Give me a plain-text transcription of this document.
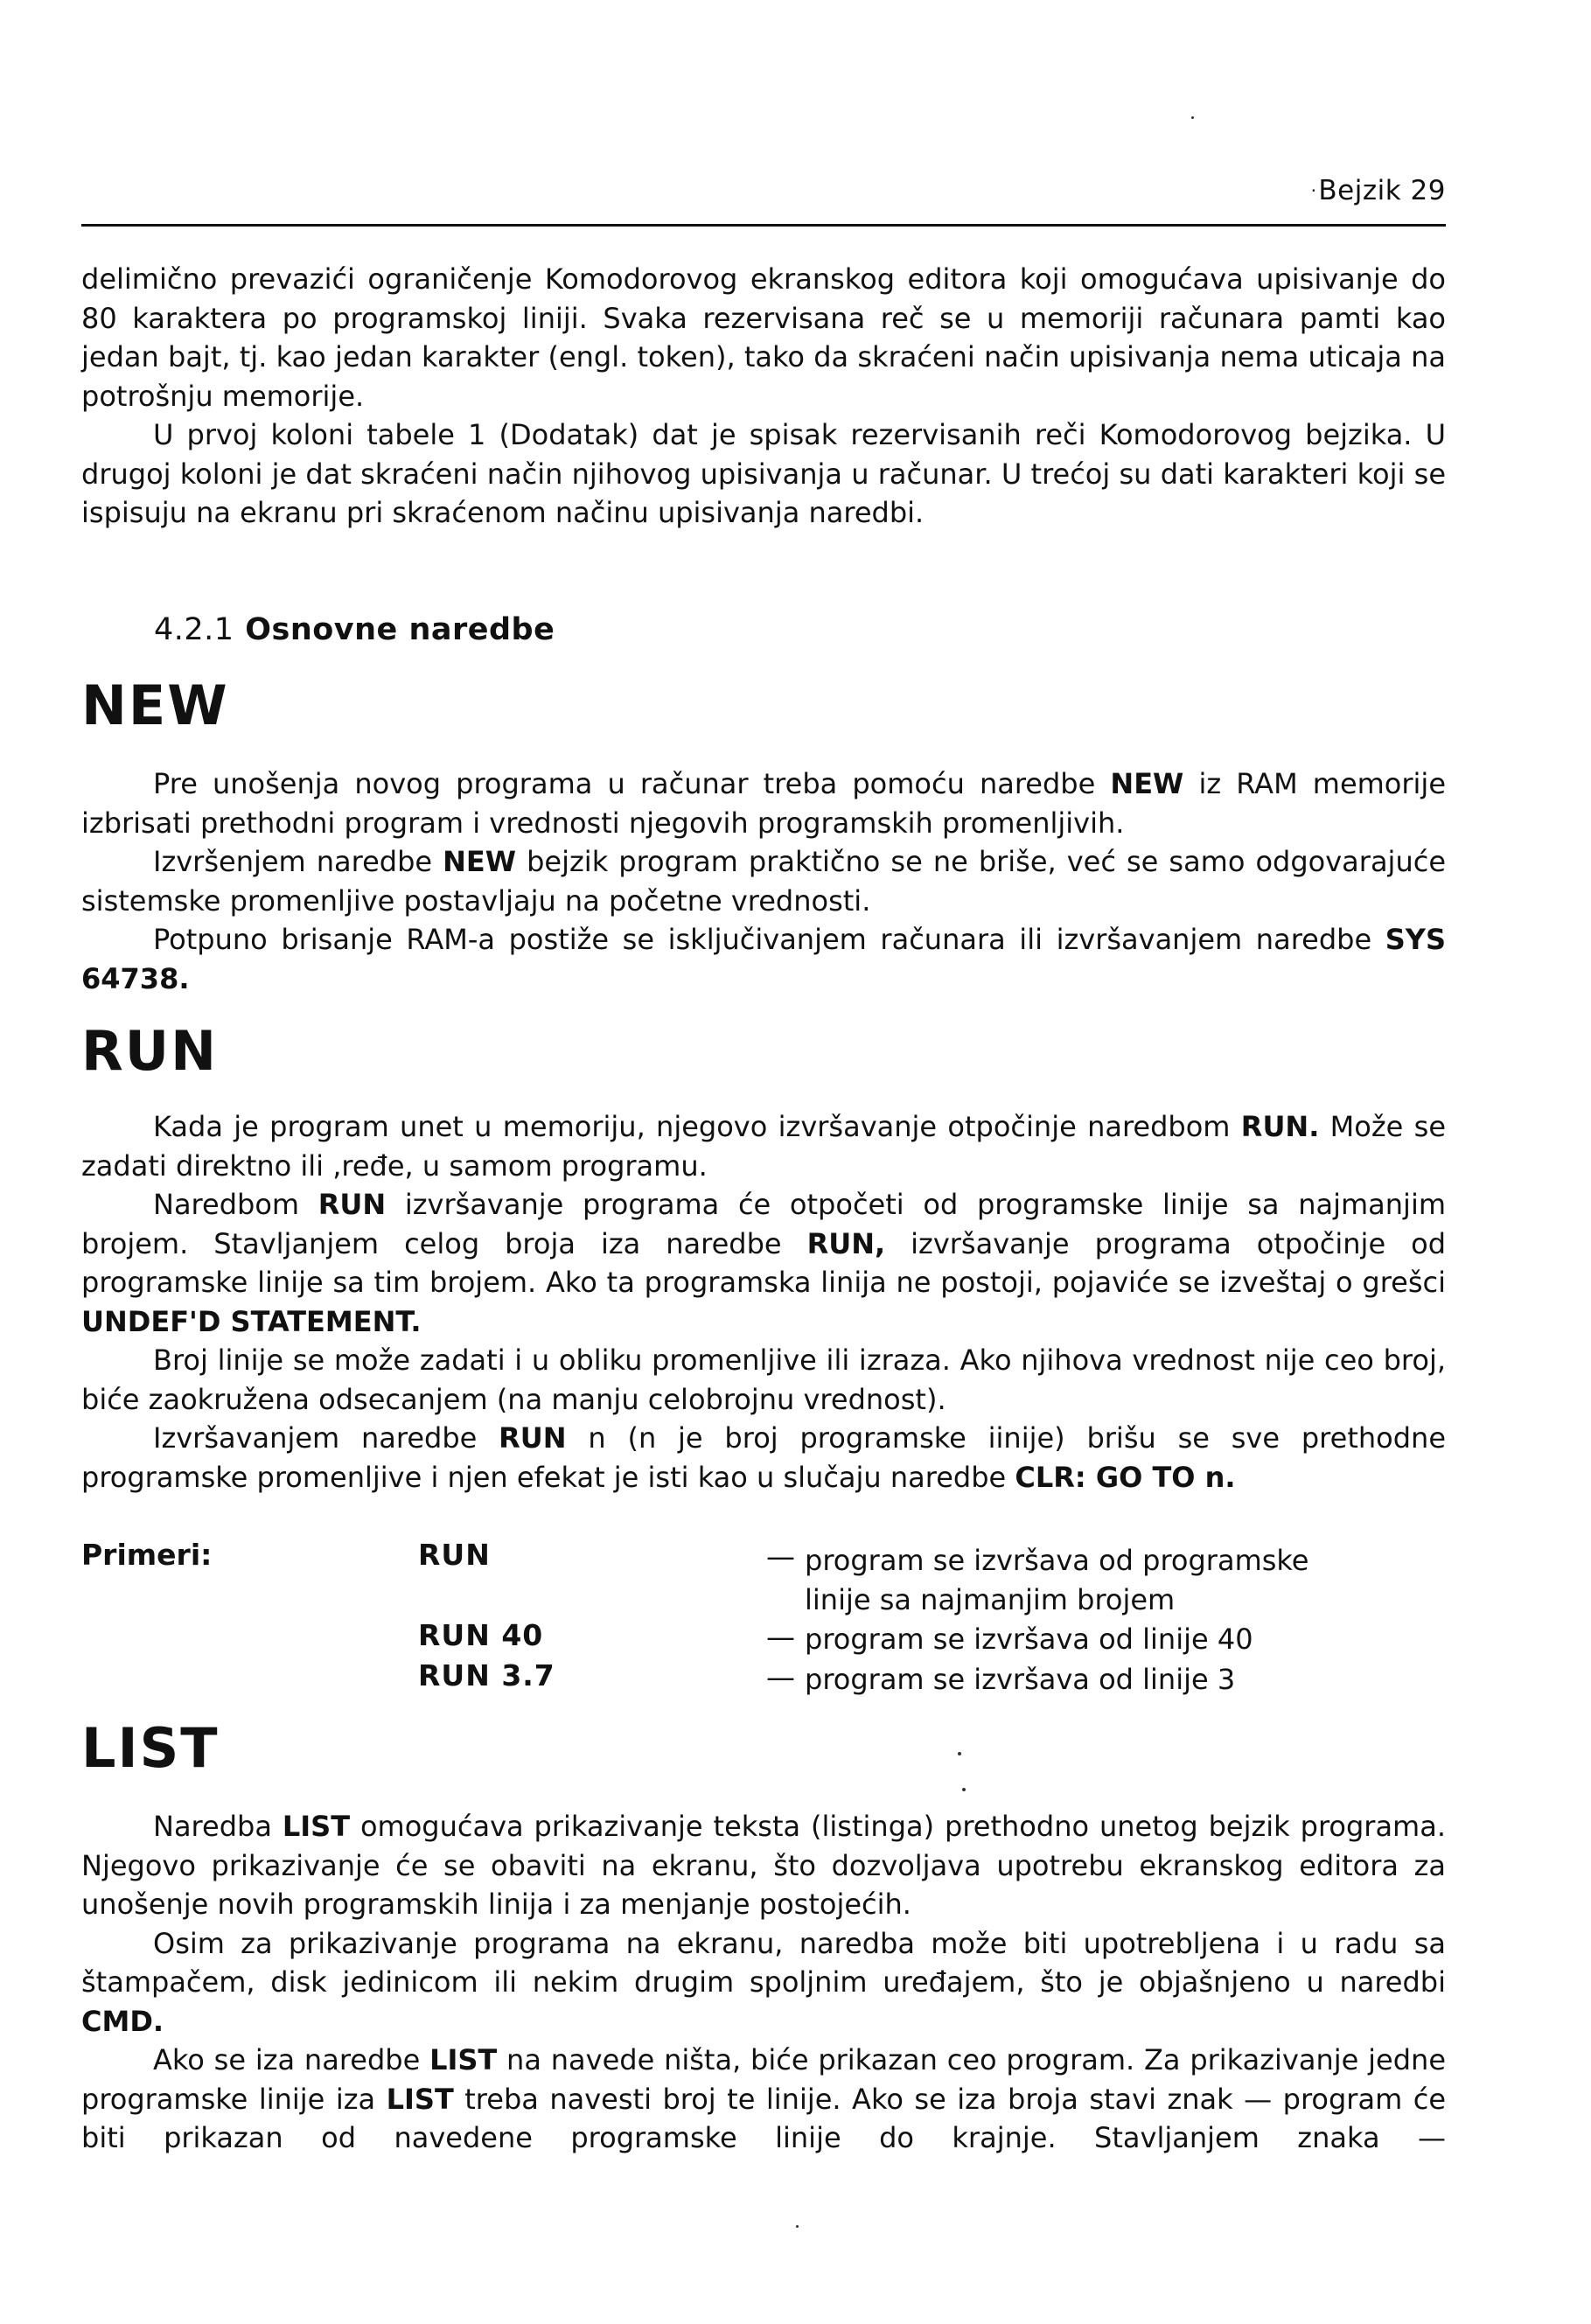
· Bejzik 29

delimično prevazići ograničenje Komodorovog ekranskog editora koji omogućava upisivanje do 80 karaktera po programskoj liniji. Svaka rezervisana reč se u memoriji računara pamti kao jedan bajt, tj. kao jedan karakter (engl. token), tako da skraćeni način upisivanja nema uticaja na potrošnju memorije.

U prvoj koloni tabele 1 (Dodatak) dat je spisak rezervisanih reči Komodorovog bejzika. U drugoj koloni je dat skraćeni način njihovog upisivanja u računar. U trećoj su dati karakteri koji se ispisuju na ekranu pri skraćenom načinu upisivanja naredbi.

4.2.1 Osnovne naredbe
NEW

Pre unošenja novog programa u računar treba pomoću naredbe NEW iz RAM memorije izbrisati prethodni program i vrednosti njegovih programskih promenljivih.

Izvršenjem naredbe NEW bejzik program praktično se ne briše, već se samo odgovarajuće sistemske promenljive postavljaju na početne vrednosti.

Potpuno brisanje RAM-a postiže se isključivanjem računara ili izvršavanjem naredbe SYS 64738.

RUN

Kada je program unet u memoriju, njegovo izvršavanje otpočinje naredbom RUN. Može se zadati direktno ili ,ređe, u samom programu.

Naredbom RUN izvršavanje programa će otpočeti od programske linije sa najmanjim brojem. Stavljanjem celog broja iza naredbe RUN, izvršavanje programa otpočinje od programske linije sa tim brojem. Ako ta programska linija ne postoji, pojaviće se izveštaj o grešci UNDEF'D STATEMENT.

Broj linije se može zadati i u obliku promenljive ili izraza. Ako njihova vrednost nije ceo broj, biće zaokružena odsecanjem (na manju celobrojnu vrednost).

Izvršavanjem naredbe RUN n (n je broj programske iinije) brišu se sve prethodne programske promenljive i njen efekat je isti kao u slučaju naredbe CLR: GO TO n.

Primeri:	RUN	— program se izvršava od programske
linije sa najmanjim brojem
RUN 40	— program se izvršava od linije 40
RUN 3.7	— program se izvršava od linije 3
LIST

Naredba LIST omogućava prikazivanje teksta (listinga) prethodno unetog bejzik programa. Njegovo prikazivanje će se obaviti na ekranu, što dozvoljava upotrebu ekranskog editora za unošenje novih programskih linija i za menjanje postojećih.

Osim za prikazivanje programa na ekranu, naredba može biti upotrebljena i u radu sa štampačem, disk jedinicom ili nekim drugim spoljnim uređajem, što je objašnjeno u naredbi CMD.

Ako se iza naredbe LIST na navede ništa, biće prikazan ceo program. Za prikazivanje jedne programske linije iza LIST treba navesti broj te linije. Ako se iza broja stavi znak — program će biti prikazan od navedene programske linije do krajnje. Stavljanjem znaka —
